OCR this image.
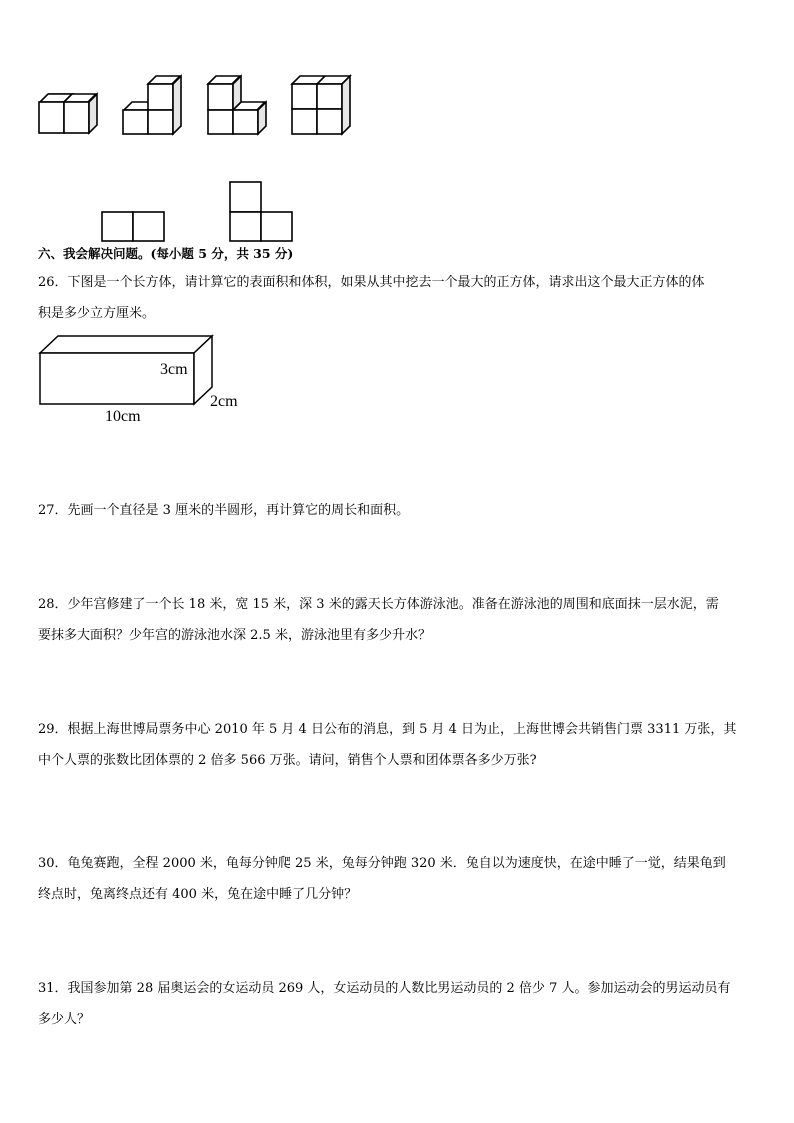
六、我会解决问题。(每小题 5 分，共 35 分)
26．下图是一个长方体，请计算它的表面积和体积，如果从其中挖去一个最大的正方体，请求出这个最大正方体的体
积是多少立方厘米。
3cm
2cm
10cm
27．先画一个直径是 3 厘米的半圆形，再计算它的周长和面积。
28．少年宫修建了一个长 18 米，宽 15 米，深 3 米的露天长方体游泳池。准备在游泳池的周围和底面抹一层水泥，需
要抹多大面积？少年宫的游泳池水深 2.5 米，游泳池里有多少升水？
29．根据上海世博局票务中心 2010 年 5 月 4 日公布的消息，到 5 月 4 日为止，上海世博会共销售门票 3311 万张，其
中个人票的张数比团体票的 2 倍多 566 万张。请问，销售个人票和团体票各多少万张?
30．龟兔赛跑，全程 2000 米，龟每分钟爬 25 米，兔每分钟跑 320 米．兔自以为速度快，在途中睡了一觉，结果龟到
终点时，兔离终点还有 400 米，兔在途中睡了几分钟？
31．我国参加第 28 届奥运会的女运动员 269 人，女运动员的人数比男运动员的 2 倍少 7 人。参加运动会的男运动员有
多少人？
